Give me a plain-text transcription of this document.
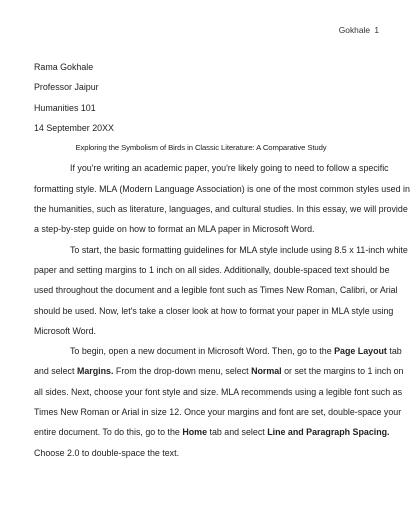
Gokhale 1
Rama Gokhale
Professor Jaipur
Humanities 101
14 September 20XX
Exploring the Symbolism of Birds in Classic Literature: A Comparative Study
If you're writing an academic paper, you're likely going to need to follow a specific
formatting style. MLA (Modern Language Association) is one of the most common styles used in
the humanities, such as literature, languages, and cultural studies. In this essay, we will provide
a step-by-step guide on how to format an MLA paper in Microsoft Word.
To start, the basic formatting guidelines for MLA style include using 8.5 x 11-inch white
paper and setting margins to 1 inch on all sides. Additionally, double-spaced text should be
used throughout the document and a legible font such as Times New Roman, Calibri, or Arial
should be used. Now, let's take a closer look at how to format your paper in MLA style using
Microsoft Word.
To begin, open a new document in Microsoft Word. Then, go to the Page Layout tab
and select Margins. From the drop-down menu, select Normal or set the margins to 1 inch on
all sides. Next, choose your font style and size. MLA recommends using a legible font such as
Times New Roman or Arial in size 12. Once your margins and font are set, double-space your
entire document. To do this, go to the Home tab and select Line and Paragraph Spacing.
Choose 2.0 to double-space the text.
